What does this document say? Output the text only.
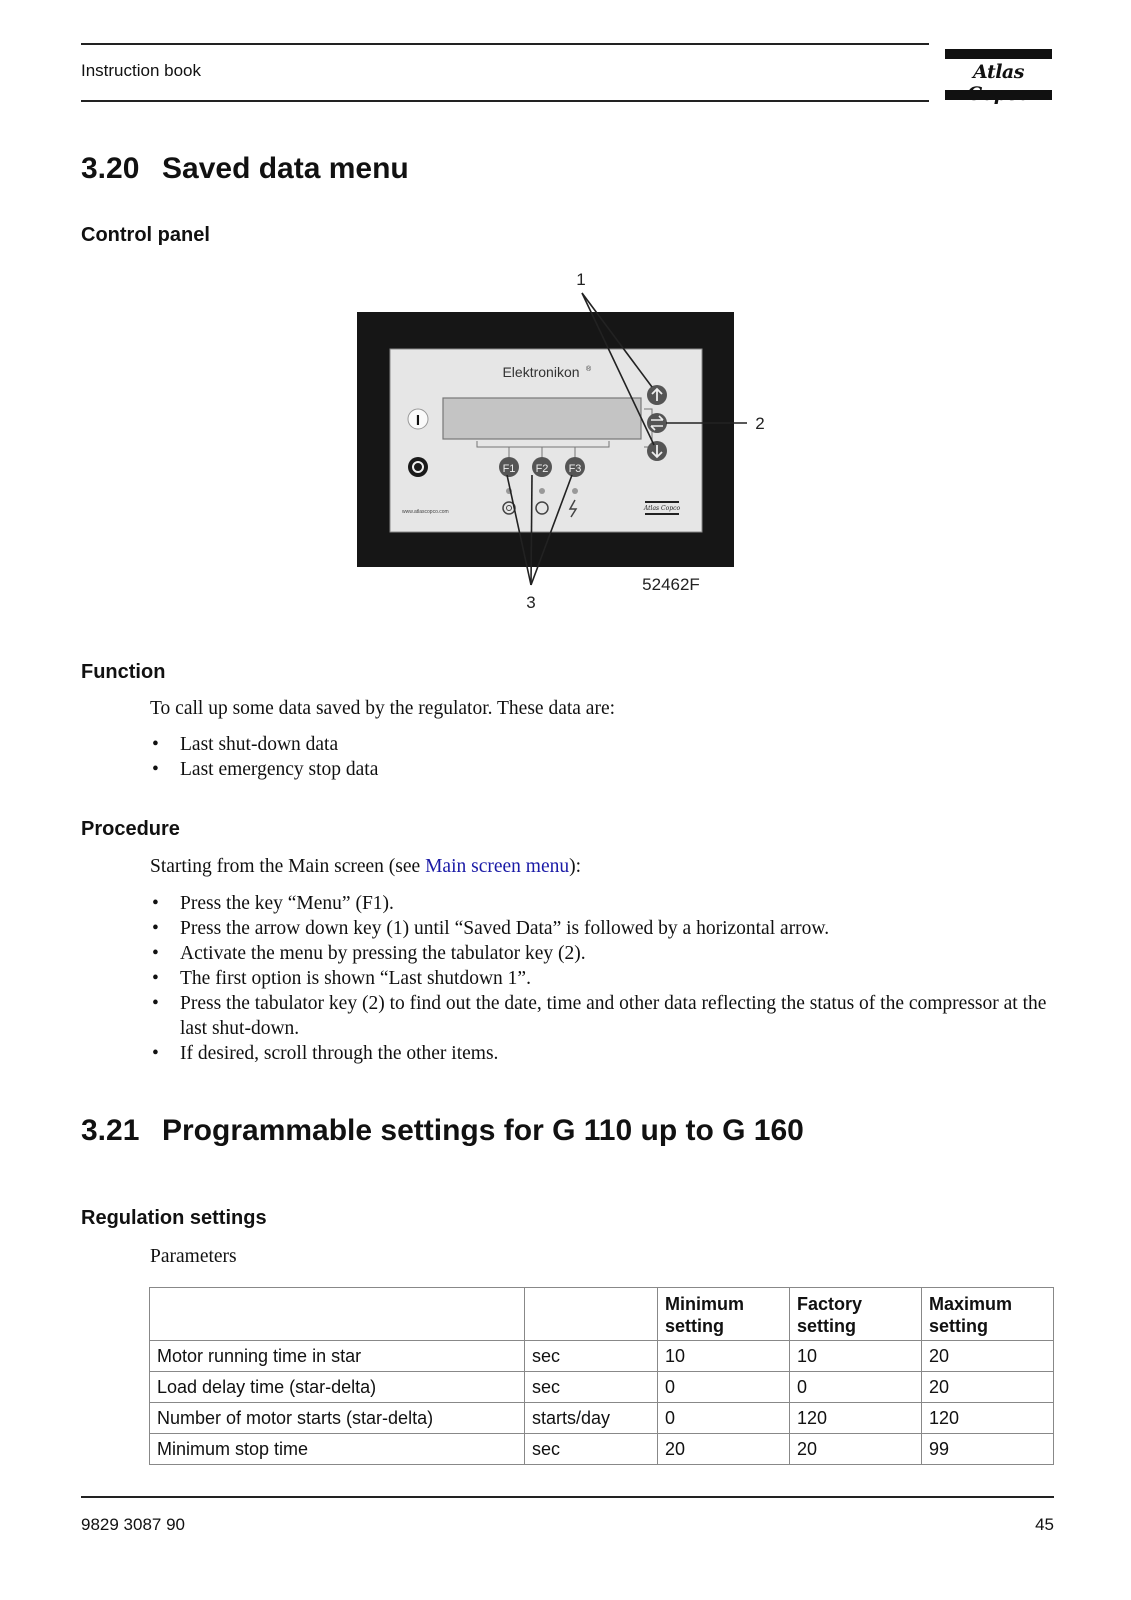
Instruction book	Atlas
3.20 Saved data menu
Control panel
Elektronikon ®
I
F1 F2 F3
www.atlascopco.com	Atlas Copco
1
2
3
52462F
Function
To call up some data saved by the regulator. These data are:
• Last shut-down data
• Last emergency stop data
Procedure
Starting from the Main screen (see Main screen menu):
• Press the key “Menu” (F1).
• Press the arrow down key (1) until “Saved Data” is followed by a horizontal arrow.
• Activate the menu by pressing the tabulator key (2).
• The first option is shown “Last shutdown 1”.
• Press the tabulator key (2) to find out the date, time and other data reflecting the status of the compressor at the last shut-down.
• If desired, scroll through the other items.
3.21 Programmable settings for G 110 up to G 160
Regulation settings
Parameters
		Minimum setting	Factory setting	Maximum setting
Motor running time in star	sec	10	10	20
Load delay time (star-delta)	sec	0	0	20
Number of motor starts (star-delta)	starts/day	0	120	120
Minimum stop time	sec	20	20	99
9829 3087 90	45
